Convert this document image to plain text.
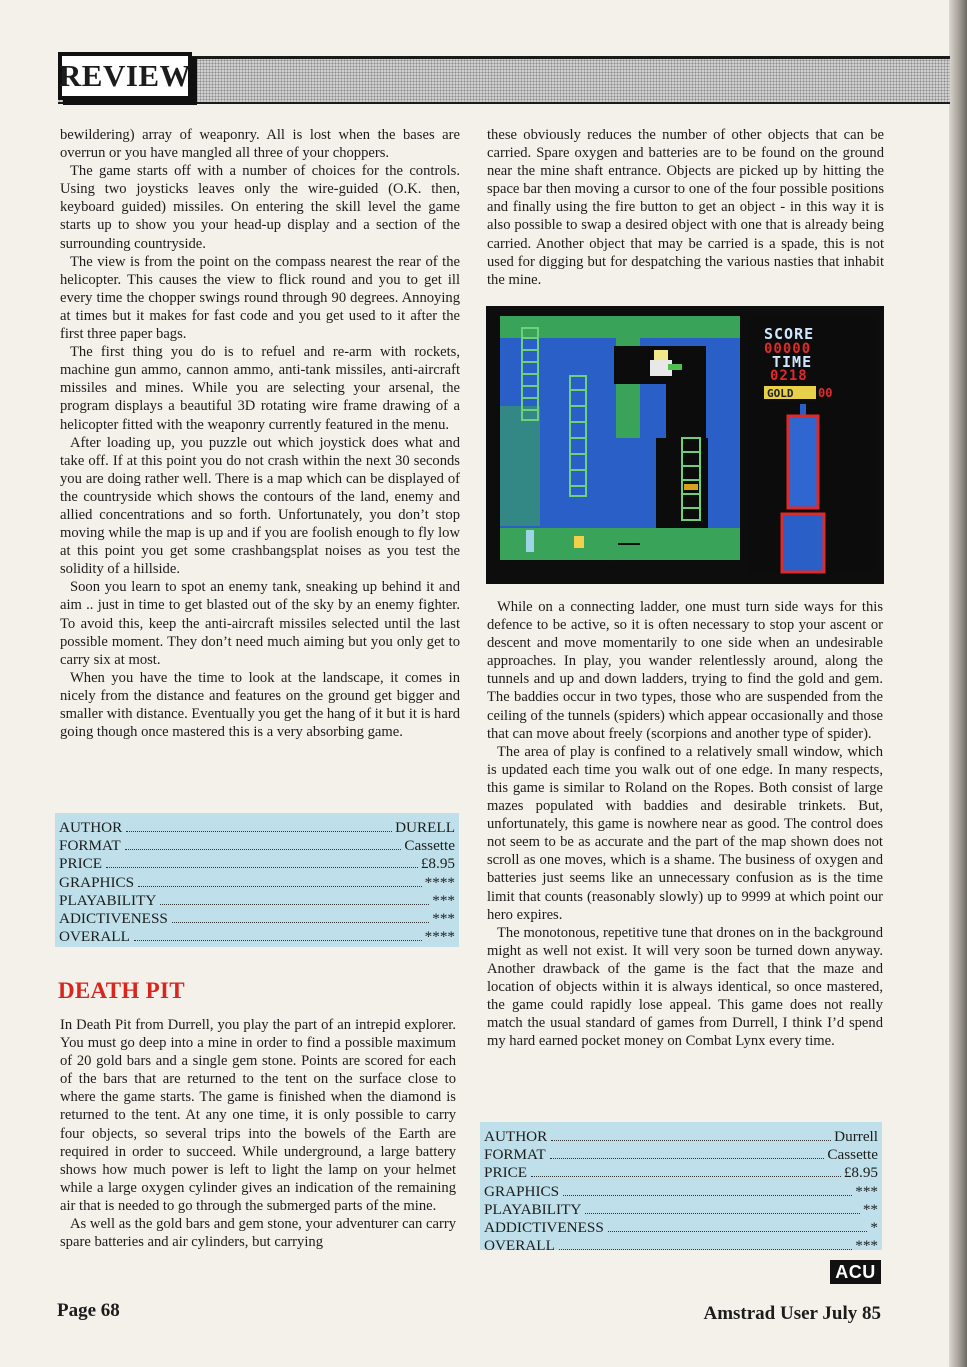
REVIEW

bewildering) array of weaponry. All is lost when the bases are overrun or you have mangled all three of your choppers.

The game starts off with a number of choices for the controls. Using two joysticks leaves only the wire-guided (O.K. then, keyboard guided) missiles. On entering the skill level the game starts up to show you your head-up display and a section of the surrounding countryside.

The view is from the point on the compass nearest the rear of the helicopter. This causes the view to flick round and you to get ill every time the chopper swings round through 90 degrees. Annoying at times but it makes for fast code and you get used to it after the first three paper bags.

The first thing you do is to refuel and re-arm with rockets, machine gun ammo, cannon ammo, anti-tank missiles, anti-aircraft missiles and mines. While you are selecting your arsenal, the program displays a beautiful 3D rotating wire frame drawing of a helicopter fitted with the weaponry currently featured in the menu.

After loading up, you puzzle out which joystick does what and take off. If at this point you do not crash within the next 30 seconds you are doing rather well. There is a map which can be displayed of the countryside which shows the contours of the land, enemy and allied concentrations and so forth. Unfortunately, you don’t stop moving while the map is up and if you are foolish enough to fly low at this point you get some crashbangsplat noises as you test the solidity of a hillside.

Soon you learn to spot an enemy tank, sneaking up behind it and aim .. just in time to get blasted out of the sky by an enemy fighter. To avoid this, keep the anti-aircraft missiles selected until the last possible moment. They don’t need much aiming but you only get to carry six at most.

When you have the time to look at the landscape, it comes in nicely from the distance and features on the ground get bigger and smaller with distance. Eventually you get the hang of it but it is hard going though once mastered this is a very absorbing game.

AUTHOR	DURELL
FORMAT	Cassette
PRICE	£8.95
GRAPHICS	****
PLAYABILITY	***
ADICTIVENESS	***
OVERALL	****
DEATH PIT

In Death Pit from Durrell, you play the part of an intrepid explorer. You must go deep into a mine in order to find a possible maximum of 20 gold bars and a single gem stone. Points are scored for each of the bars that are returned to the tent on the surface close to where the game starts. The game is finished when the diamond is returned to the tent. At any one time, it is only possible to carry four objects, so several trips into the bowels of the Earth are required in order to succeed. While underground, a large battery shows how much power is left to light the lamp on your helmet while a large oxygen cylinder gives an indication of the remaining air that is needed to go through the submerged parts of the mine.

As well as the gold bars and gem stone, your adventurer can carry spare batteries and air cylinders, but carrying

these obviously reduces the number of other objects that can be carried. Spare oxygen and batteries are to be found on the ground near the mine shaft entrance. Objects are picked up by hitting the space bar then moving a cursor to one of the four possible positions and finally using the fire button to get an object - in this way it is also possible to swap a desired object with one that is already being carried. Another object that may be carried is a spade, this is not used for digging but for despatching the various nasties that inhabit the mine.

SCORE
00000
TIME
0218
GOLD 00

While on a connecting ladder, one must turn side ways for this defence to be active, so it is often necessary to stop your ascent or descent and move momentarily to one side when an undesirable approaches. In play, you wander relentlessly around, along the tunnels and up and down ladders, trying to find the gold and gem. The baddies occur in two types, those who are suspended from the ceiling of the tunnels (spiders) which appear occasionally and those that can move about freely (scorpions and another type of spider).

The area of play is confined to a relatively small window, which is updated each time you walk out of one edge. In many respects, this game is similar to Roland on the Ropes. Both consist of large mazes populated with baddies and desirable trinkets. But, unfortunately, this game is nowhere near as good. The control does not seem to be as accurate and the part of the map shown does not scroll as one moves, which is a shame. The business of oxygen and batteries just seems like an unnecessary confusion as is the time limit that counts (reasonably slowly) up to 9999 at which point our hero expires.

The monotonous, repetitive tune that drones on in the background might as well not exist. It will very soon be turned down anyway. Another drawback of the game is the fact that the maze and location of objects within it is always identical, so once mastered, the game could rapidly lose appeal. This game does not really match the usual standard of games from Durrell, I think I’d spend my hard earned pocket money on Combat Lynx every time.

AUTHOR	Durrell
FORMAT	Cassette
PRICE	£8.95
GRAPHICS	***
PLAYABILITY	**
ADDICTIVENESS	*
OVERALL	***
ACU
Page 68	Amstrad User July 85
